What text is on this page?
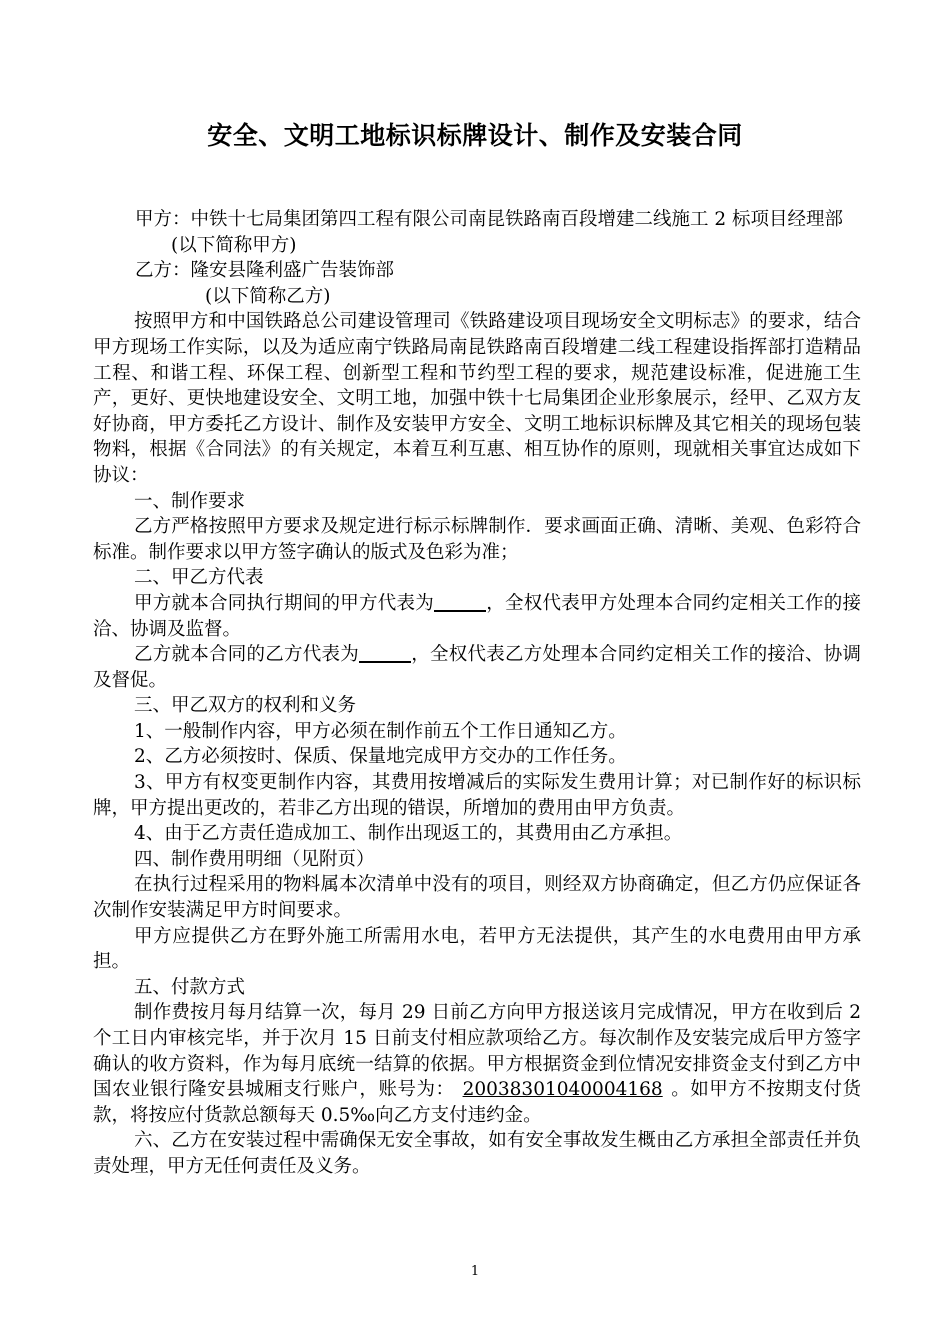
安全、文明工地标识标牌设计、制作及安装合同

甲方：中铁十七局集团第四工程有限公司南昆铁路南百段增建二线施工 2 标项目经理部

(以下简称甲方)

乙方：隆安县隆利盛广告装饰部

(以下简称乙方)

按照甲方和中国铁路总公司建设管理司《铁路建设项目现场安全文明标志》的要求，结合甲方现场工作实际，以及为适应南宁铁路局南昆铁路南百段增建二线工程建设指挥部打造精品工程、和谐工程、环保工程、创新型工程和节约型工程的要求，规范建设标准，促进施工生产，更好、更快地建设安全、文明工地，加强中铁十七局集团企业形象展示，经甲、乙双方友好协商，甲方委托乙方设计、制作及安装甲方安全、文明工地标识标牌及其它相关的现场包装物料，根据《合同法》的有关规定，本着互利互惠、相互协作的原则，现就相关事宜达成如下协议：

一、制作要求

乙方严格按照甲方要求及规定进行标示标牌制作．要求画面正确、清晰、美观、色彩符合标准。制作要求以甲方签字确认的版式及色彩为准；

二、甲乙方代表

甲方就本合同执行期间的甲方代表为	，全权代表甲方处理本合同约定相关工作的接洽、协调及监督。

乙方就本合同的乙方代表为	，全权代表乙方处理本合同约定相关工作的接洽、协调及督促。

三、甲乙双方的权利和义务

1、一般制作内容，甲方必须在制作前五个工作日通知乙方。

2、乙方必须按时、保质、保量地完成甲方交办的工作任务。

3、甲方有权变更制作内容，其费用按增减后的实际发生费用计算；对已制作好的标识标牌，甲方提出更改的，若非乙方出现的错误，所增加的费用由甲方负责。

4、由于乙方责任造成加工、制作出现返工的，其费用由乙方承担。

四、制作费用明细（见附页）

在执行过程采用的物料属本次清单中没有的项目，则经双方协商确定，但乙方仍应保证各次制作安装满足甲方时间要求。

甲方应提供乙方在野外施工所需用水电，若甲方无法提供，其产生的水电费用由甲方承担。

五、付款方式

制作费按月每月结算一次，每月 29 日前乙方向甲方报送该月完成情况，甲方在收到后 2 个工日内审核完毕，并于次月 15 日前支付相应款项给乙方。每次制作及安装完成后甲方签字确认的收方资料，作为每月底统一结算的依据。甲方根据资金到位情况安排资金支付到乙方中国农业银行隆安县城厢支行账户，账号为： 20038301040004168 。如甲方不按期支付货款，将按应付货款总额每天 0.5‰向乙方支付违约金。

六、乙方在安装过程中需确保无安全事故，如有安全事故发生概由乙方承担全部责任并负责处理，甲方无任何责任及义务。

1
